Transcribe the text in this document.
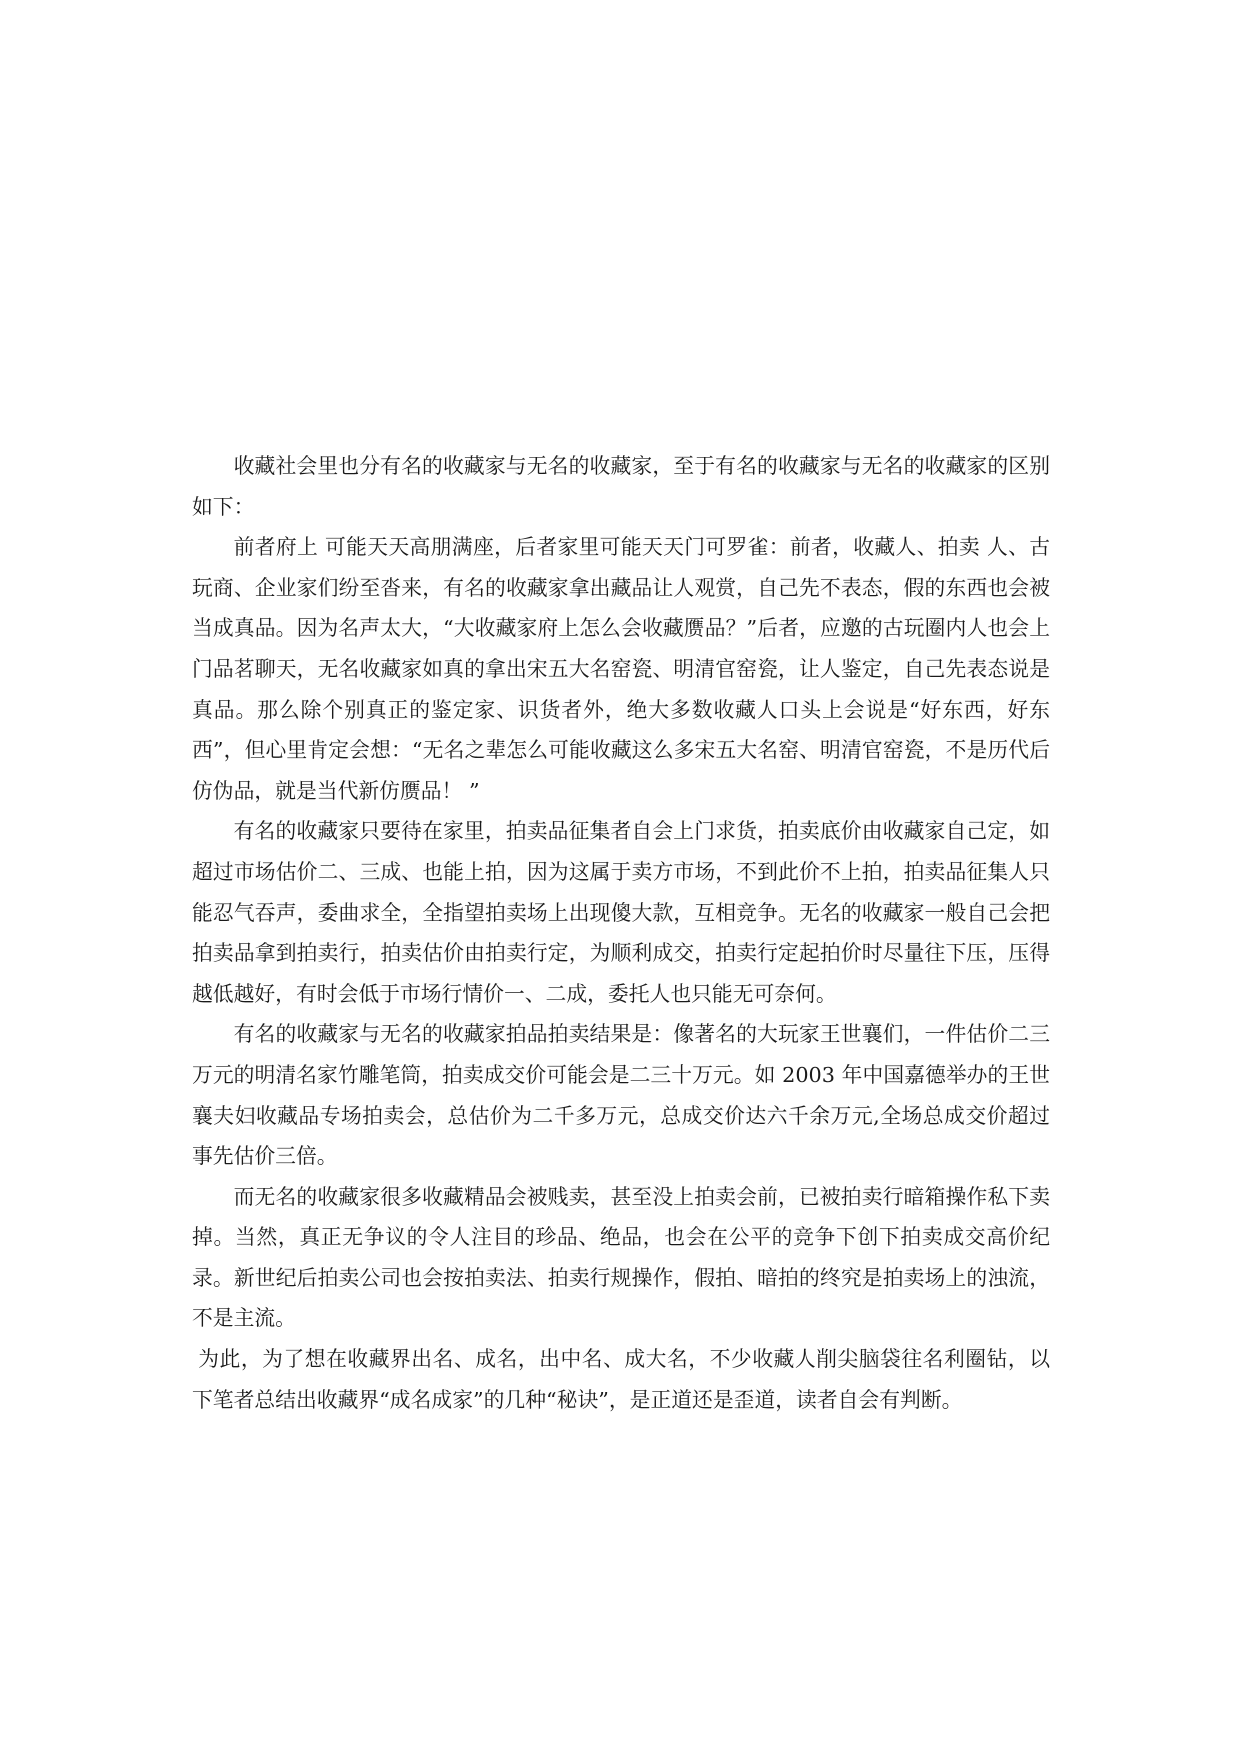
收藏社会里也分有名的收藏家与无名的收藏家，至于有名的收藏家与无名的收藏家的区别如下：

前者府上 可能天天高朋满座，后者家里可能天天门可罗雀：前者，收藏人、拍卖 人、古玩商、企业家们纷至沓来，有名的收藏家拿出藏品让人观赏，自己先不表态，假的东西也会被当成真品。因为名声太大，“大收藏家府上怎么会收藏赝品？”后者，应邀的古玩圈内人也会上门品茗聊天，无名收藏家如真的拿出宋五大名窑瓷、明清官窑瓷，让人鉴定，自己先表态说是真品。那么除个别真正的鉴定家、识货者外，绝大多数收藏人口头上会说是“好东西，好东西”，但心里肯定会想：“无名之辈怎么可能收藏这么多宋五大名窑、明清官窑瓷，不是历代后仿伪品，就是当代新仿赝品！ ”

有名的收藏家只要待在家里，拍卖品征集者自会上门求货，拍卖底价由收藏家自己定，如超过市场估价二、三成、也能上拍，因为这属于卖方市场，不到此价不上拍，拍卖品征集人只能忍气吞声，委曲求全，全指望拍卖场上出现傻大款，互相竞争。无名的收藏家一般自己会把拍卖品拿到拍卖行，拍卖估价由拍卖行定，为顺利成交，拍卖行定起拍价时尽量往下压，压得越低越好，有时会低于市场行情价一、二成，委托人也只能无可奈何。

有名的收藏家与无名的收藏家拍品拍卖结果是：像著名的大玩家王世襄们，一件估价二三万元的明清名家竹雕笔筒，拍卖成交价可能会是二三十万元。如 2003 年中国嘉德举办的王世襄夫妇收藏品专场拍卖会，总估价为二千多万元，总成交价达六千余万元,全场总成交价超过事先估价三倍。

而无名的收藏家很多收藏精品会被贱卖，甚至没上拍卖会前，已被拍卖行暗箱操作私下卖掉。当然，真正无争议的令人注目的珍品、绝品，也会在公平的竞争下创下拍卖成交高价纪录。新世纪后拍卖公司也会按拍卖法、拍卖行规操作，假拍、暗拍的终究是拍卖场上的浊流，不是主流。

为此，为了想在收藏界出名、成名，出中名、成大名，不少收藏人削尖脑袋往名利圈钻，以下笔者总结出收藏界“成名成家”的几种“秘诀”，是正道还是歪道，读者自会有判断。
